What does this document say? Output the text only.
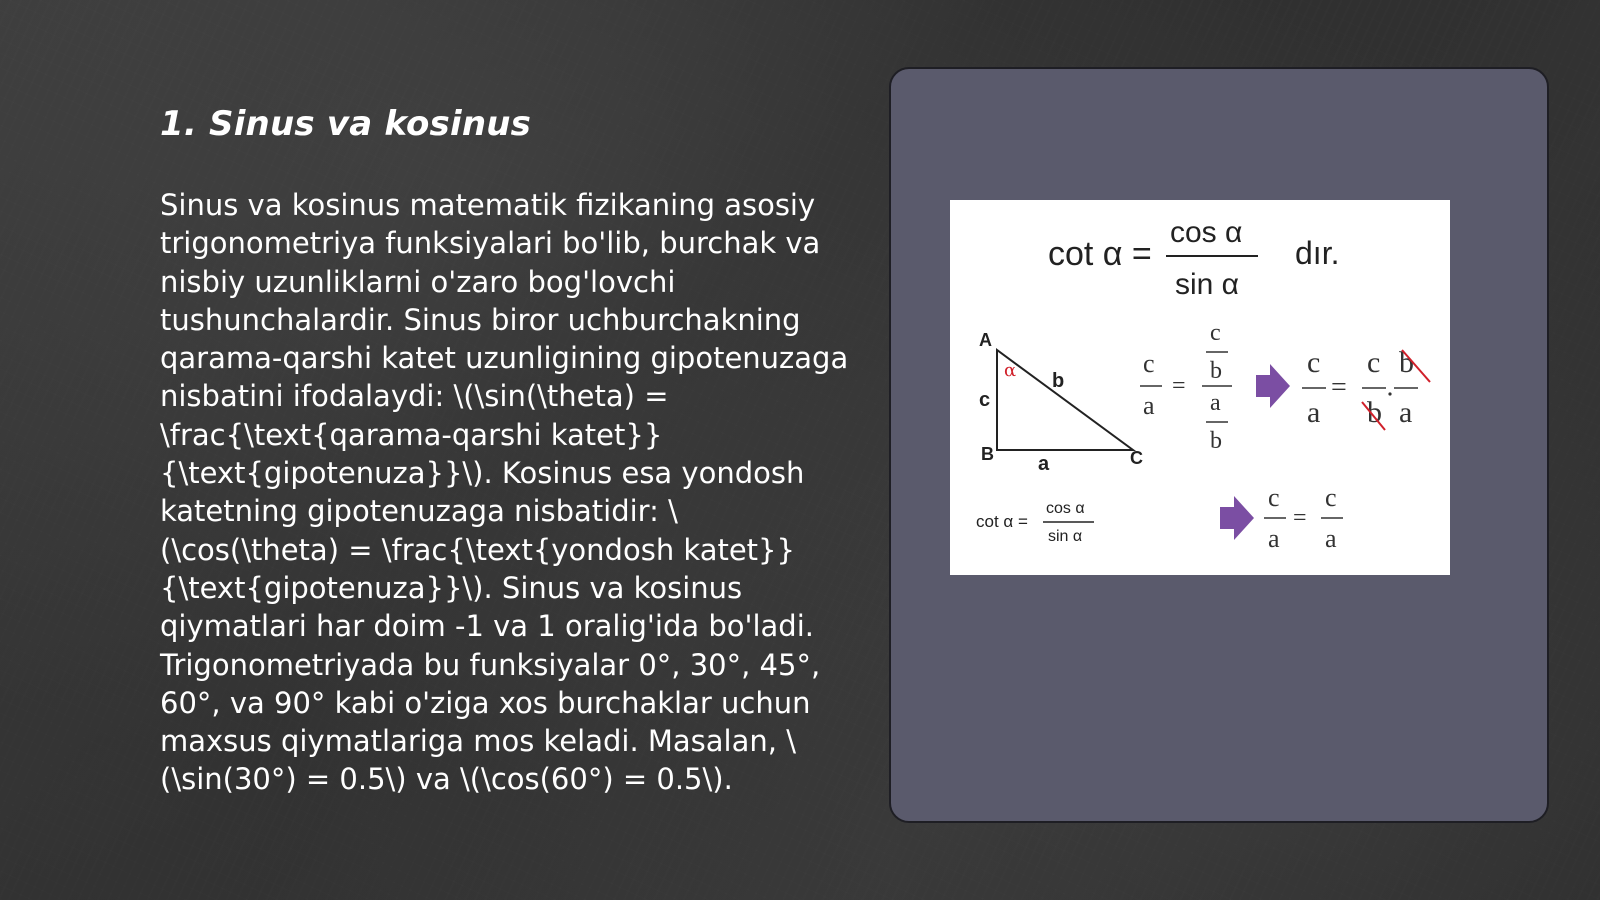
1. Sinus va kosinus
Sinus va kosinus matematik fizikaning asosiy trigonometriya funksiyalari bo'lib, burchak va nisbiy uzunliklarni o'zaro bog'lovchi tushunchalardir. Sinus biror uchburchakning qarama-qarshi katet uzunligining gipotenuzaga nisbatini ifodalaydi: \(\sin(\theta) = \frac{\text{qarama-qarshi katet}}{\text{gipotenuza}}\). Kosinus esa yondosh katetning gipotenuzaga nisbatidir: \(\cos(\theta) = \frac{\text{yondosh katet}}{\text{gipotenuza}}\). Sinus va kosinus qiymatlari har doim -1 va 1 oralig'ida bo'ladi. Trigonometriyada bu funksiyalar 0°, 30°, 45°, 60°, va 90° kabi o'ziga xos burchaklar uchun maxsus qiymatlariga mos keladi. Masalan, \(\sin(30°) = 0.5\) va \(\cos(60°) = 0.5\).
cot α =
cos α
sin α
dır.
A
B	C
c
b
a
α	c
a
=
c
b
a
b
c
a
=
c
b
b
a
cot α =
cos α
sin α
c
a
=
c
a
